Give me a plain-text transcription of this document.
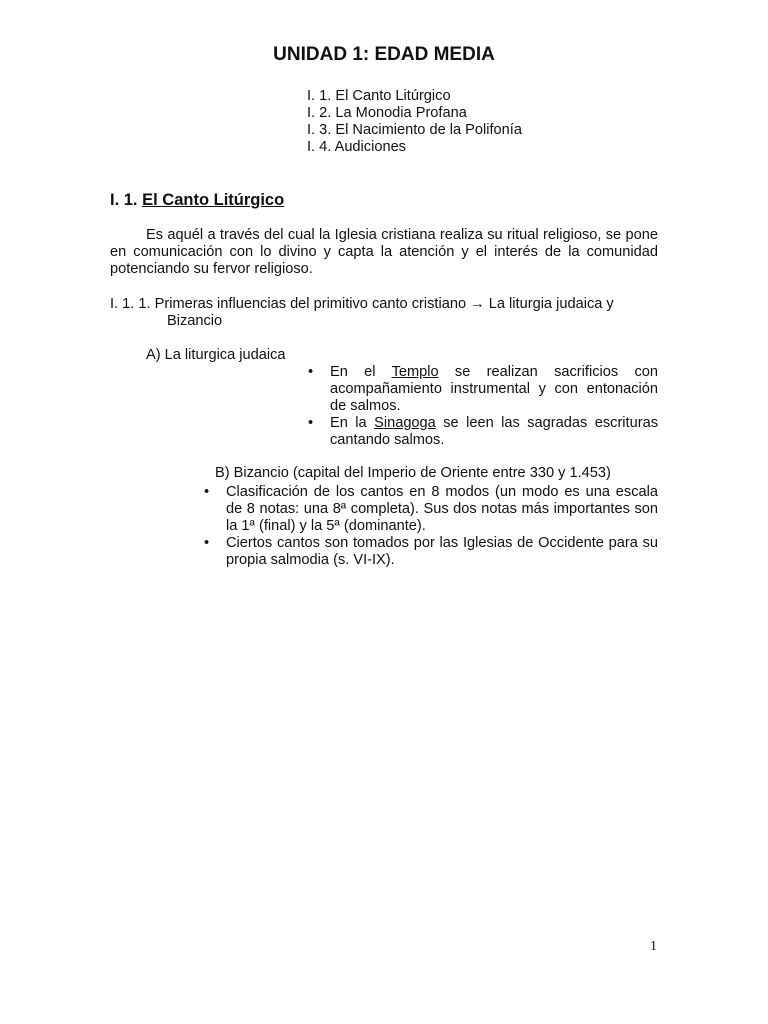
UNIDAD 1: EDAD MEDIA
I. 1. El Canto Litúrgico
I. 2. La Monodia Profana
I. 3. El Nacimiento de la Polifonía
I. 4. Audiciones
I. 1. El Canto Litúrgico
Es aquél a través del cual la Iglesia cristiana realiza su ritual religioso, se pone en comunicación con lo divino y capta la atención y el interés de la comunidad potenciando su fervor religioso.
I. 1. 1. Primeras influencias del primitivo canto cristiano → La liturgia judaica y
Bizancio
A) La liturgica judaica
• En el Templo se realizan sacrificios con acompañamiento instrumental y con entonación de salmos.
• En la Sinagoga se leen las sagradas escrituras cantando salmos.
B) Bizancio (capital del Imperio de Oriente entre 330 y 1.453)
• Clasificación de los cantos en 8 modos (un modo es una escala de 8 notas: una 8ª completa). Sus dos notas más importantes son la 1ª (final) y la 5ª (dominante).
• Ciertos cantos son tomados por las Iglesias de Occidente para su propia salmodia (s. VI-IX).
1
